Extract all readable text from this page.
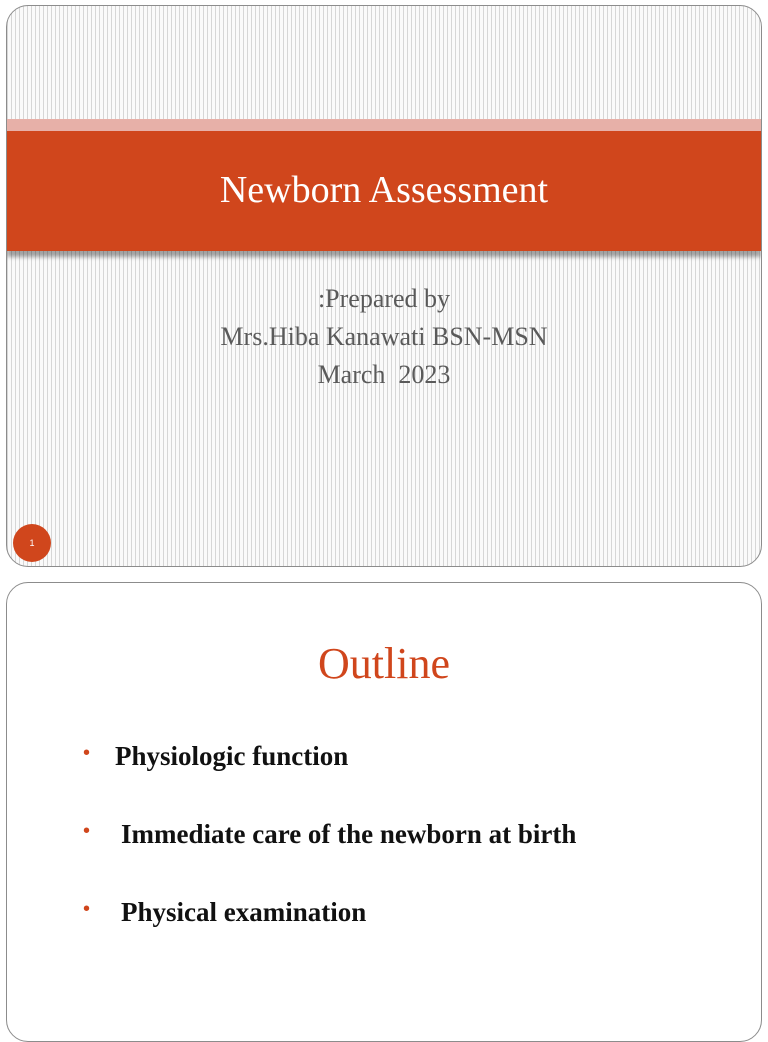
Newborn Assessment
:Prepared by
Mrs.Hiba Kanawati BSN-MSN
March  2023
1
Outline
• Physiologic function
• Immediate care of the newborn at birth
• Physical examination
